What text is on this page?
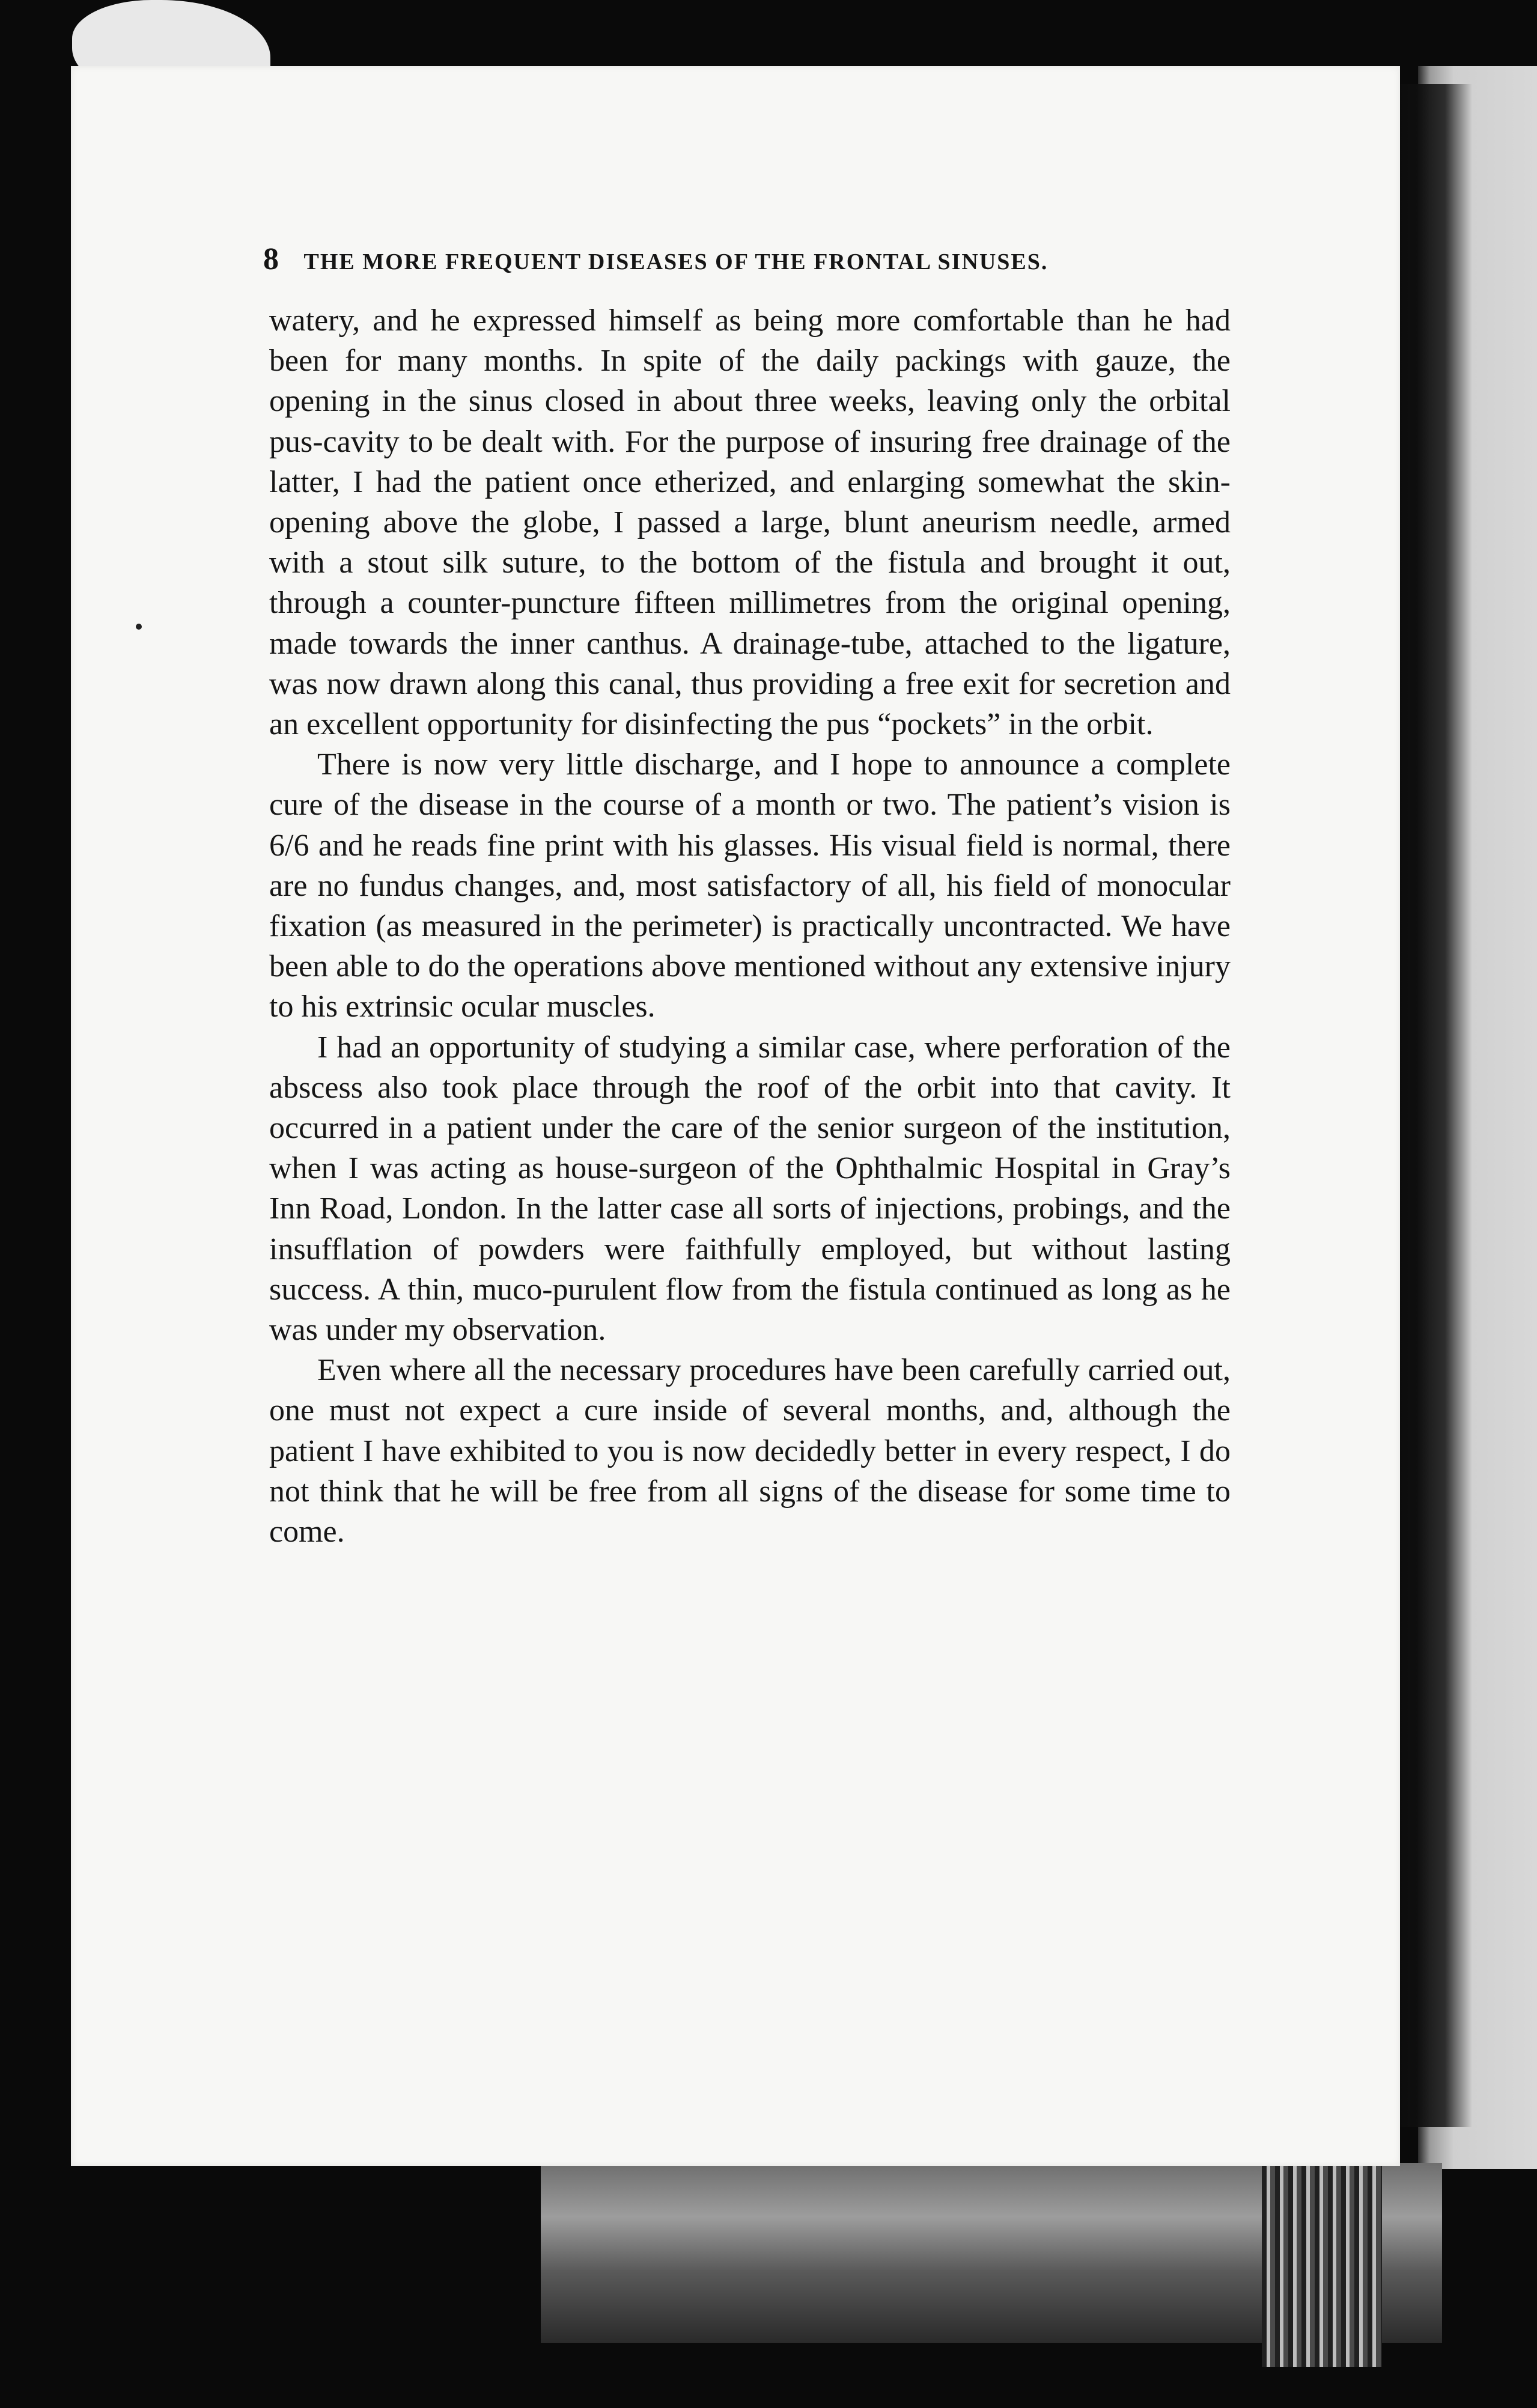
8 THE MORE FREQUENT DISEASES OF THE FRONTAL SINUSES.

watery, and he expressed himself as being more comfortable than he had been for many months. In spite of the daily packings with gauze, the opening in the sinus closed in about three weeks, leaving only the orbital pus-cavity to be dealt with. For the purpose of insuring free drainage of the latter, I had the patient once etherized, and enlarging somewhat the skin-opening above the globe, I passed a large, blunt aneurism needle, armed with a stout silk suture, to the bottom of the fistula and brought it out, through a counter-puncture fifteen millimetres from the original opening, made towards the inner canthus. A drainage-tube, attached to the ligature, was now drawn along this canal, thus providing a free exit for secretion and an excellent opportunity for disinfecting the pus “pockets” in the orbit.

There is now very little discharge, and I hope to announce a complete cure of the disease in the course of a month or two. The patient’s vision is 6/6 and he reads fine print with his glasses. His visual field is normal, there are no fundus changes, and, most satisfactory of all, his field of monocular fixation (as measured in the perimeter) is practically uncontracted. We have been able to do the operations above mentioned without any extensive injury to his extrinsic ocular muscles.

I had an opportunity of studying a similar case, where perforation of the abscess also took place through the roof of the orbit into that cavity. It occurred in a patient under the care of the senior surgeon of the institution, when I was acting as house-surgeon of the Ophthalmic Hospital in Gray’s Inn Road, London. In the latter case all sorts of injections, probings, and the insufflation of powders were faithfully employed, but without lasting success. A thin, muco-purulent flow from the fistula continued as long as he was under my observation.

Even where all the necessary procedures have been carefully carried out, one must not expect a cure inside of several months, and, although the patient I have exhibited to you is now decidedly better in every respect, I do not think that he will be free from all signs of the disease for some time to come.
